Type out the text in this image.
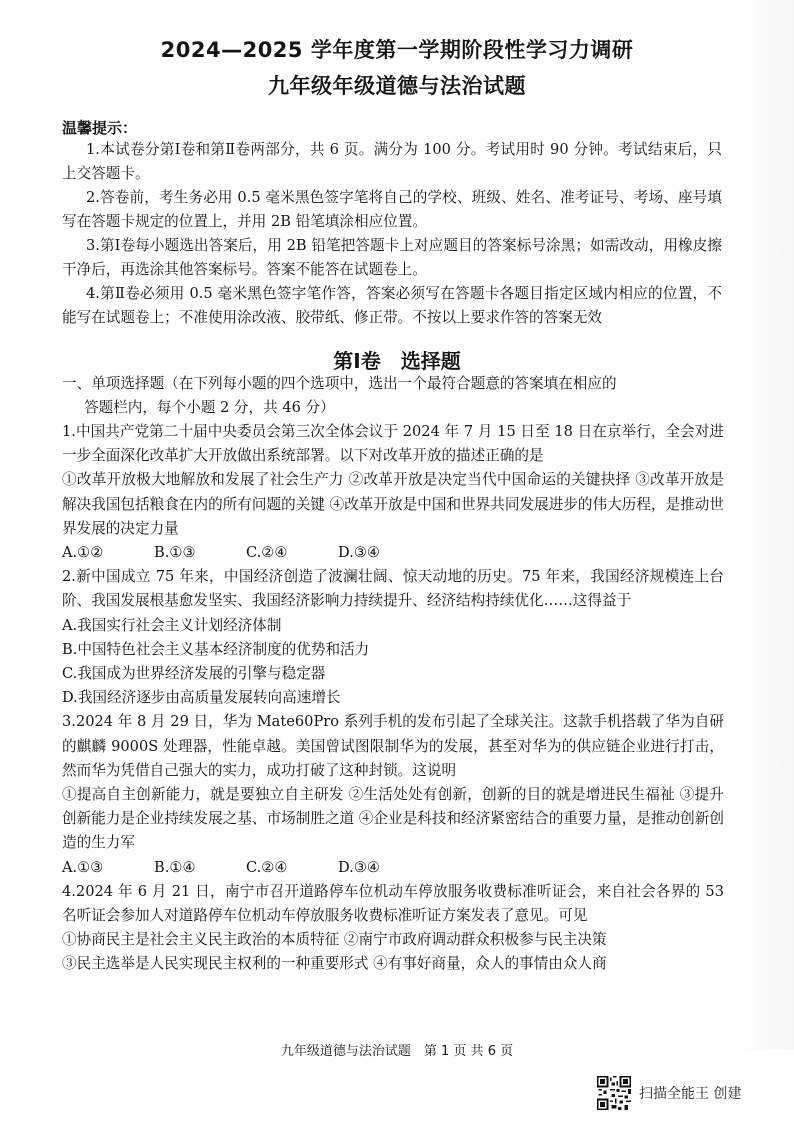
2024—2025 学年度第一学期阶段性学习力调研
九年级年级道德与法治试题
温馨提示：

1.本试卷分第Ⅰ卷和第Ⅱ卷两部分，共 6 页。满分为 100 分。考试用时 90 分钟。考试结束后，只上交答题卡。

2.答卷前，考生务必用 0.5 毫米黑色签字笔将自己的学校、班级、姓名、准考证号、考场、座号填写在答题卡规定的位置上，并用 2B 铅笔填涂相应位置。

3.第Ⅰ卷每小题选出答案后，用 2B 铅笔把答题卡上对应题目的答案标号涂黑；如需改动，用橡皮擦干净后，再选涂其他答案标号。答案不能答在试题卷上。

4.第Ⅱ卷必须用 0.5 毫米黑色签字笔作答，答案必须写在答题卡各题目指定区域内相应的位置，不能写在试题卷上；不准使用涂改液、胶带纸、修正带。不按以上要求作答的答案无效

第Ⅰ卷　选择题
一、单项选择题（在下列每小题的四个选项中，选出一个最符合题意的答案填在相应的
答题栏内，每个小题 2 分，共 46 分）

1.中国共产党第二十届中央委员会第三次全体会议于 2024 年 7 月 15 日至 18 日在京举行，全会对进一步全面深化改革扩大开放做出系统部署。以下对改革开放的描述正确的是

①改革开放极大地解放和发展了社会生产力 ②改革开放是决定当代中国命运的关键抉择 ③改革开放是解决我国包括粮食在内的所有问题的关键 ④改革开放是中国和世界共同发展进步的伟大历程，是推动世界发展的决定力量

A.①②	B.①③	C.②④	D.③④

2.新中国成立 75 年来，中国经济创造了波澜壮阔、惊天动地的历史。75 年来，我国经济规模连上台阶、我国发展根基愈发坚实、我国经济影响力持续提升、经济结构持续优化……这得益于

A.我国实行社会主义计划经济体制

B.中国特色社会主义基本经济制度的优势和活力

C.我国成为世界经济发展的引擎与稳定器

D.我国经济逐步由高质量发展转向高速增长

3.2024 年 8 月 29 日，华为 Mate60Pro 系列手机的发布引起了全球关注。这款手机搭载了华为自研的麒麟 9000S 处理器，性能卓越。美国曾试图限制华为的发展，甚至对华为的供应链企业进行打击，然而华为凭借自己强大的实力，成功打破了这种封锁。这说明

①提高自主创新能力，就是要独立自主研发 ②生活处处有创新，创新的目的就是增进民生福祉 ③提升创新能力是企业持续发展之基、市场制胜之道 ④企业是科技和经济紧密结合的重要力量，是推动创新创造的生力军

A.①③	B.①④	C.②④	D.③④

4.2024 年 6 月 21 日，南宁市召开道路停车位机动车停放服务收费标准听证会，来自社会各界的 53 名听证会参加人对道路停车位机动车停放服务收费标准听证方案发表了意见。可见

①协商民主是社会主义民主政治的本质特征 ②南宁市政府调动群众积极参与民主决策

③民主选举是人民实现民主权利的一种重要形式 ④有事好商量，众人的事情由众人商

九年级道德与法治试题　第 1 页 共 6 页
扫描全能王 创建
